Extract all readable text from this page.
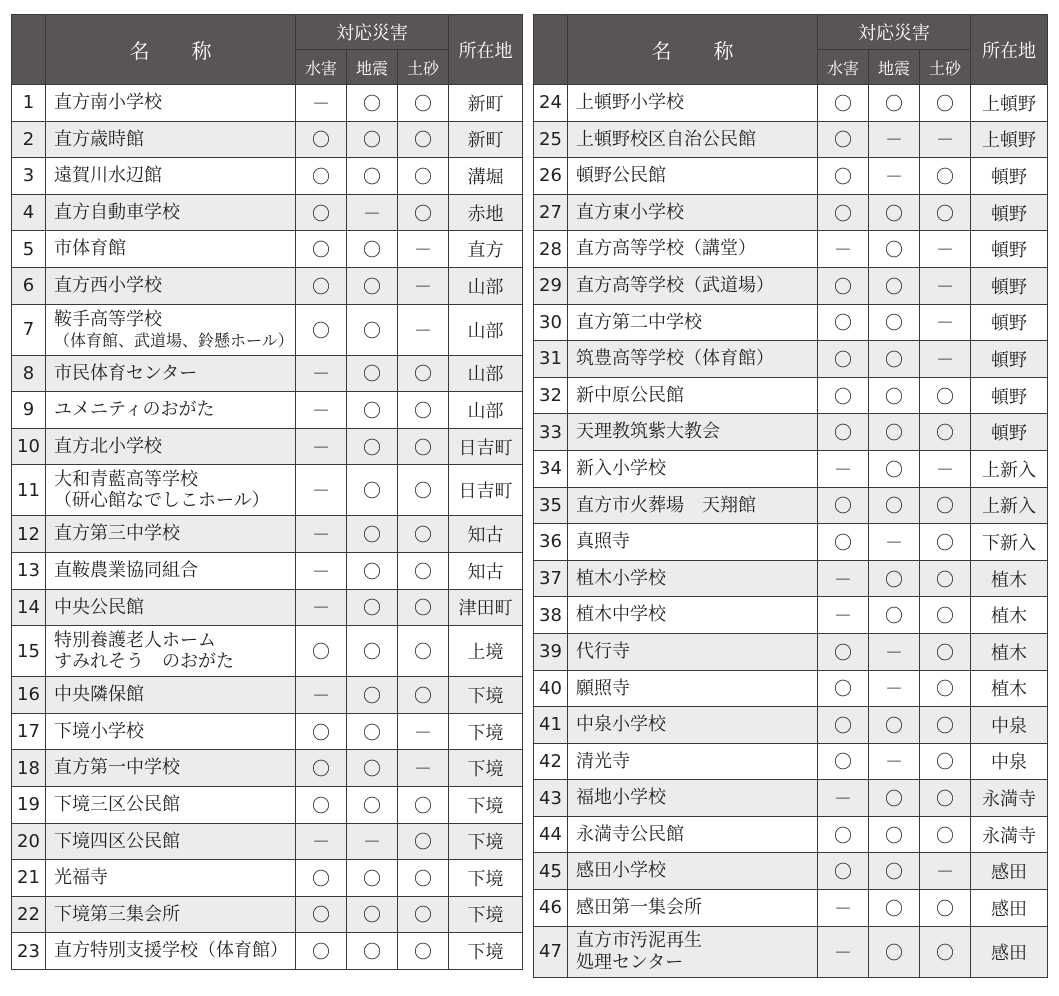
	名称	対応災害			所在地
		水害	地震	土砂	
1	直方南小学校	－	〇	〇	新町
2	直方歳時館	〇	〇	〇	新町
3	遠賀川水辺館	〇	〇	〇	溝堀
4	直方自動車学校	〇	－	〇	赤地
5	市体育館	〇	〇	－	直方
6	直方西小学校	〇	〇	－	山部
7	鞍手高等学校
（体育館、武道場、鈴懸ホール）	〇	〇	－	山部
8	市民体育センター	－	〇	〇	山部
9	ユメニティのおがた	－	〇	〇	山部
10	直方北小学校	－	〇	〇	日吉町
11	大和青藍高等学校
（研心館なでしこホール）	－	〇	〇	日吉町
12	直方第三中学校	－	〇	〇	知古
13	直鞍農業協同組合	－	〇	〇	知古
14	中央公民館	－	〇	〇	津田町
15	特別養護老人ホーム
すみれそう　のおがた	〇	〇	〇	上境
16	中央隣保館	－	〇	〇	下境
17	下境小学校	〇	〇	－	下境
18	直方第一中学校	〇	〇	－	下境
19	下境三区公民館	〇	〇	〇	下境
20	下境四区公民館	－	－	〇	下境
21	光福寺	〇	〇	〇	下境
22	下境第三集会所	〇	〇	〇	下境
23	直方特別支援学校（体育館）	〇	〇	〇	下境
	名称	対応災害			所在地
		水害	地震	土砂	
24	上頓野小学校	〇	〇	〇	上頓野
25	上頓野校区自治公民館	〇	－	－	上頓野
26	頓野公民館	〇	－	〇	頓野
27	直方東小学校	〇	〇	〇	頓野
28	直方高等学校（講堂）	－	〇	－	頓野
29	直方高等学校（武道場）	〇	〇	－	頓野
30	直方第二中学校	〇	〇	－	頓野
31	筑豊高等学校（体育館）	〇	〇	－	頓野
32	新中原公民館	〇	〇	〇	頓野
33	天理教筑紫大教会	〇	〇	〇	頓野
34	新入小学校	－	〇	－	上新入
35	直方市火葬場　天翔館	〇	〇	〇	上新入
36	真照寺	〇	－	〇	下新入
37	植木小学校	－	〇	〇	植木
38	植木中学校	－	〇	〇	植木
39	代行寺	〇	－	〇	植木
40	願照寺	〇	－	〇	植木
41	中泉小学校	〇	〇	〇	中泉
42	清光寺	〇	－	〇	中泉
43	福地小学校	－	〇	〇	永満寺
44	永満寺公民館	〇	〇	〇	永満寺
45	感田小学校	〇	〇	－	感田
46	感田第一集会所	－	〇	〇	感田
47	直方市汚泥再生
処理センター	－	〇	〇	感田
